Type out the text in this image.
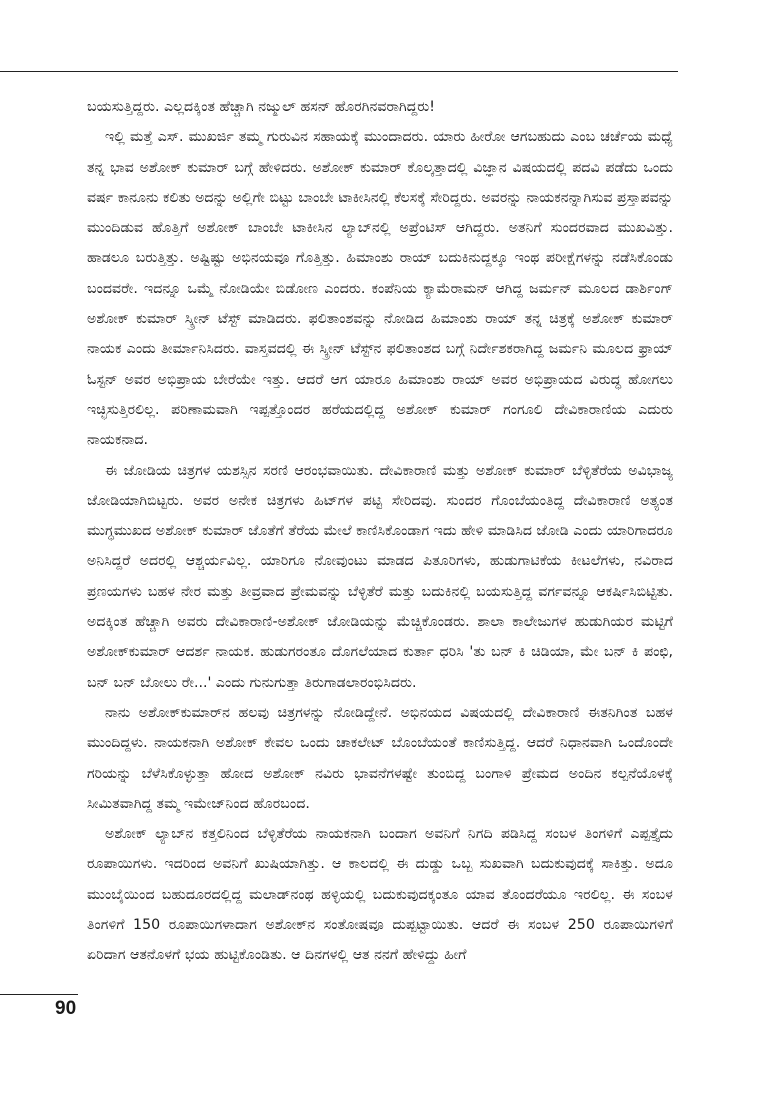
ಬಯಸುತ್ತಿದ್ದರು. ಎಲ್ಲದಕ್ಕಿಂತ ಹೆಚ್ಚಾಗಿ ನಜ್ಮುಲ್ ಹಸನ್ ಹೊರಗಿನವರಾಗಿದ್ದರು!

ಇಲ್ಲಿ ಮತ್ತೆ ಎಸ್. ಮುಖರ್ಜಿ ತಮ್ಮ ಗುರುವಿನ ಸಹಾಯಕ್ಕೆ ಮುಂದಾದರು. ಯಾರು ಹೀರೋ ಆಗಬಹುದು ಎಂಬ ಚರ್ಚೆಯ ಮಧ್ಯೆ ತನ್ನ ಭಾವ ಅಶೋಕ್ ಕುಮಾರ್ ಬಗ್ಗೆ ಹೇಳಿದರು. ಅಶೋಕ್ ಕುಮಾರ್ ಕೊಲ್ಕತ್ತಾದಲ್ಲಿ ವಿಜ್ಞಾನ ವಿಷಯದಲ್ಲಿ ಪದವಿ ಪಡೆದು ಒಂದು ವರ್ಷ ಕಾನೂನು ಕಲಿತು ಅದನ್ನು ಅಲ್ಲಿಗೇ ಬಿಟ್ಟು ಬಾಂಬೇ ಟಾಕೀಸಿನಲ್ಲಿ ಕೆಲಸಕ್ಕೆ ಸೇರಿದ್ದರು. ಅವರನ್ನು ನಾಯಕನನ್ನಾಗಿಸುವ ಪ್ರಸ್ತಾಪವನ್ನು ಮುಂದಿಡುವ ಹೊತ್ತಿಗೆ ಅಶೋಕ್ ಬಾಂಬೇ ಟಾಕೀಸಿನ ಲ್ಯಾಬ್‌ನಲ್ಲಿ ಅಪ್ರೆಂಟಿಸ್ ಆಗಿದ್ದರು. ಅತನಿಗೆ ಸುಂದರವಾದ ಮುಖವಿತ್ತು. ಹಾಡಲೂ ಬರುತ್ತಿತ್ತು. ಅಷ್ಟಿಷ್ಟು ಅಭಿನಯವೂ ಗೊತ್ತಿತ್ತು. ಹಿಮಾಂಶು ರಾಯ್ ಬದುಕಿನುದ್ದಕ್ಕೂ ಇಂಥ ಪರೀಕ್ಷೆಗಳನ್ನು ನಡೆಸಿಕೊಂಡು ಬಂದವರೇ. ಇದನ್ನೂ ಒಮ್ಮೆ ನೋಡಿಯೇ ಬಿಡೋಣ ಎಂದರು. ಕಂಪೆನಿಯ ಕ್ಯಾಮೆರಾಮನ್ ಆಗಿದ್ದ ಜರ್ಮನ್ ಮೂಲದ ಡಾರ್ಶಿಂಗ್ ಅಶೋಕ್ ಕುಮಾರ್ ಸ್ಕ್ರೀನ್ ಟೆಸ್ಟ್ ಮಾಡಿದರು. ಫಲಿತಾಂಶವನ್ನು ನೋಡಿದ ಹಿಮಾಂಶು ರಾಯ್ ತನ್ನ ಚಿತ್ರಕ್ಕೆ ಅಶೋಕ್ ಕುಮಾರ್ ನಾಯಕ ಎಂದು ತೀರ್ಮಾನಿಸಿದರು. ವಾಸ್ತವದಲ್ಲಿ ಈ ಸ್ಕ್ರೀನ್ ಟೆಸ್ಟ್‌ನ ಫಲಿತಾಂಶದ ಬಗ್ಗೆ ನಿರ್ದೇಶಕರಾಗಿದ್ದ ಜರ್ಮನಿ ಮೂಲದ ಫ್ರಾಯ್ ಓಸ್ಟನ್ ಅವರ ಅಭಿಪ್ರಾಯ ಬೇರೆಯೇ ಇತ್ತು. ಆದರೆ ಆಗ ಯಾರೂ ಹಿಮಾಂಶು ರಾಯ್ ಅವರ ಅಭಿಪ್ರಾಯದ ವಿರುದ್ಧ ಹೋಗಲು ಇಚ್ಛಿಸುತ್ತಿರಲಿಲ್ಲ. ಪರಿಣಾಮವಾಗಿ ಇಪ್ಪತ್ತೊಂದರ ಹರೆಯದಲ್ಲಿದ್ದ ಅಶೋಕ್ ಕುಮಾರ್ ಗಂಗೂಲಿ ದೇವಿಕಾರಾಣಿಯ ಎದುರು ನಾಯಕನಾದ.

ಈ ಜೋಡಿಯ ಚಿತ್ರಗಳ ಯಶಸ್ಸಿನ ಸರಣಿ ಆರಂಭವಾಯಿತು. ದೇವಿಕಾರಾಣಿ ಮತ್ತು ಅಶೋಕ್ ಕುಮಾರ್ ಬೆಳ್ಳಿತೆರೆಯ ಅವಿಭಾಜ್ಯ ಜೋಡಿಯಾಗಿಬಿಟ್ಟರು. ಅವರ ಅನೇಕ ಚಿತ್ರಗಳು ಹಿಟ್‌ಗಳ ಪಟ್ಟಿ ಸೇರಿದವು. ಸುಂದರ ಗೊಂಬೆಯಂತಿದ್ದ ದೇವಿಕಾರಾಣಿ ಅತ್ಯಂತ ಮುಗ್ಧಮುಖದ ಅಶೋಕ್ ಕುಮಾರ್ ಜೊತೆಗೆ ತೆರೆಯ ಮೇಲೆ ಕಾಣಿಸಿಕೊಂಡಾಗ ಇದು ಹೇಳಿ ಮಾಡಿಸಿದ ಜೋಡಿ ಎಂದು ಯಾರಿಗಾದರೂ ಅನಿಸಿದ್ದರೆ ಅದರಲ್ಲಿ ಆಶ್ಚರ್ಯವಿಲ್ಲ. ಯಾರಿಗೂ ನೋವುಂಟು ಮಾಡದ ಪಿತೂರಿಗಳು, ಹುಡುಗಾಟಿಕೆಯ ಕೀಟಲೆಗಳು, ನವಿರಾದ ಪ್ರಣಯಗಳು ಬಹಳ ನೇರ ಮತ್ತು ತೀವ್ರವಾದ ಪ್ರೇಮವನ್ನು ಬೆಳ್ಳಿತೆರೆ ಮತ್ತು ಬದುಕಿನಲ್ಲಿ ಬಯಸುತ್ತಿದ್ದ ವರ್ಗವನ್ನೂ ಆಕರ್ಷಿಸಿಬಿಟ್ಟಿತು. ಅದಕ್ಕಿಂತ ಹೆಚ್ಚಾಗಿ ಅವರು ದೇವಿಕಾರಾಣಿ-ಅಶೋಕ್ ಜೋಡಿಯನ್ನು ಮೆಚ್ಚಿಕೊಂಡರು. ಶಾಲಾ ಕಾಲೇಜುಗಳ ಹುಡುಗಿಯರ ಮಟ್ಟಿಗೆ ಅಶೋಕ್‌ಕುಮಾರ್ ಆದರ್ಶ ನಾಯಕ. ಹುಡುಗರಂತೂ ದೊಗಲೆಯಾದ ಕುರ್ತಾ ಧರಿಸಿ 'ತು ಬನ್ ಕಿ ಚಿಡಿಯಾ, ಮೇ ಬನ್ ಕಿ ಪಂಛಿ, ಬನ್ ಬನ್ ಬೋಲು ರೇ...' ಎಂದು ಗುನುಗುತ್ತಾ ತಿರುಗಾಡಲಾರಂಭಿಸಿದರು.

ನಾನು ಅಶೋಕ್‌ಕುಮಾರ್‌ನ ಹಲವು ಚಿತ್ರಗಳನ್ನು ನೋಡಿದ್ದೇನೆ. ಅಭಿನಯದ ವಿಷಯದಲ್ಲಿ ದೇವಿಕಾರಾಣಿ ಈತನಿಗಿಂತ ಬಹಳ ಮುಂದಿದ್ದಳು. ನಾಯಕನಾಗಿ ಅಶೋಕ್ ಕೇವಲ ಒಂದು ಚಾಕಲೇಟ್ ಬೊಂಬೆಯಂತೆ ಕಾಣಿಸುತ್ತಿದ್ದ. ಆದರೆ ನಿಧಾನವಾಗಿ ಒಂದೊಂದೇ ಗರಿಯನ್ನು ಬೆಳೆಸಿಕೊಳ್ಳುತ್ತಾ ಹೋದ ಅಶೋಕ್ ನವಿರು ಭಾವನೆಗಳಷ್ಟೇ ತುಂಬಿದ್ದ ಬಂಗಾಳಿ ಪ್ರೇಮದ ಅಂದಿನ ಕಲ್ಪನೆಯೊಳಕ್ಕೆ ಸೀಮಿತವಾಗಿದ್ದ ತಮ್ಮ ಇಮೇಜ್‌ನಿಂದ ಹೊರಬಂದ.

ಅಶೋಕ್ ಲ್ಯಾಬ್‌ನ ಕತ್ತಲಿನಿಂದ ಬೆಳ್ಳಿತೆರೆಯ ನಾಯಕನಾಗಿ ಬಂದಾಗ ಅವನಿಗೆ ನಿಗದಿ ಪಡಿಸಿದ್ದ ಸಂಬಳ ತಿಂಗಳಿಗೆ ಎಪ್ಪತ್ತೈದು ರೂಪಾಯಿಗಳು. ಇದರಿಂದ ಅವನಿಗೆ ಖುಷಿಯಾಗಿತ್ತು. ಆ ಕಾಲದಲ್ಲಿ ಈ ದುಡ್ಡು ಒಬ್ಬ ಸುಖವಾಗಿ ಬದುಕುವುದಕ್ಕೆ ಸಾಕಿತ್ತು. ಅದೂ ಮುಂಬೈಯಿಂದ ಬಹುದೂರದಲ್ಲಿದ್ದ ಮಲಾಡ್‌ನಂಥ ಹಳ್ಳಿಯಲ್ಲಿ ಬದುಕುವುದಕ್ಕಂತೂ ಯಾವ ತೊಂದರೆಯೂ ಇರಲಿಲ್ಲ. ಈ ಸಂಬಳ ತಿಂಗಳಿಗೆ 150 ರೂಪಾಯಿಗಳಾದಾಗ ಅಶೋಕ್‌ನ ಸಂತೋಷವೂ ದುಪ್ಪಟ್ಟಾಯಿತು. ಆದರೆ ಈ ಸಂಬಳ 250 ರೂಪಾಯಿಗಳಿಗೆ ಏರಿದಾಗ ಆತನೊಳಗೆ ಭಯ ಹುಟ್ಟಿಕೊಂಡಿತು. ಆ ದಿನಗಳಲ್ಲಿ ಆತ ನನಗೆ ಹೇಳಿದ್ದು ಹೀಗೆ

90
